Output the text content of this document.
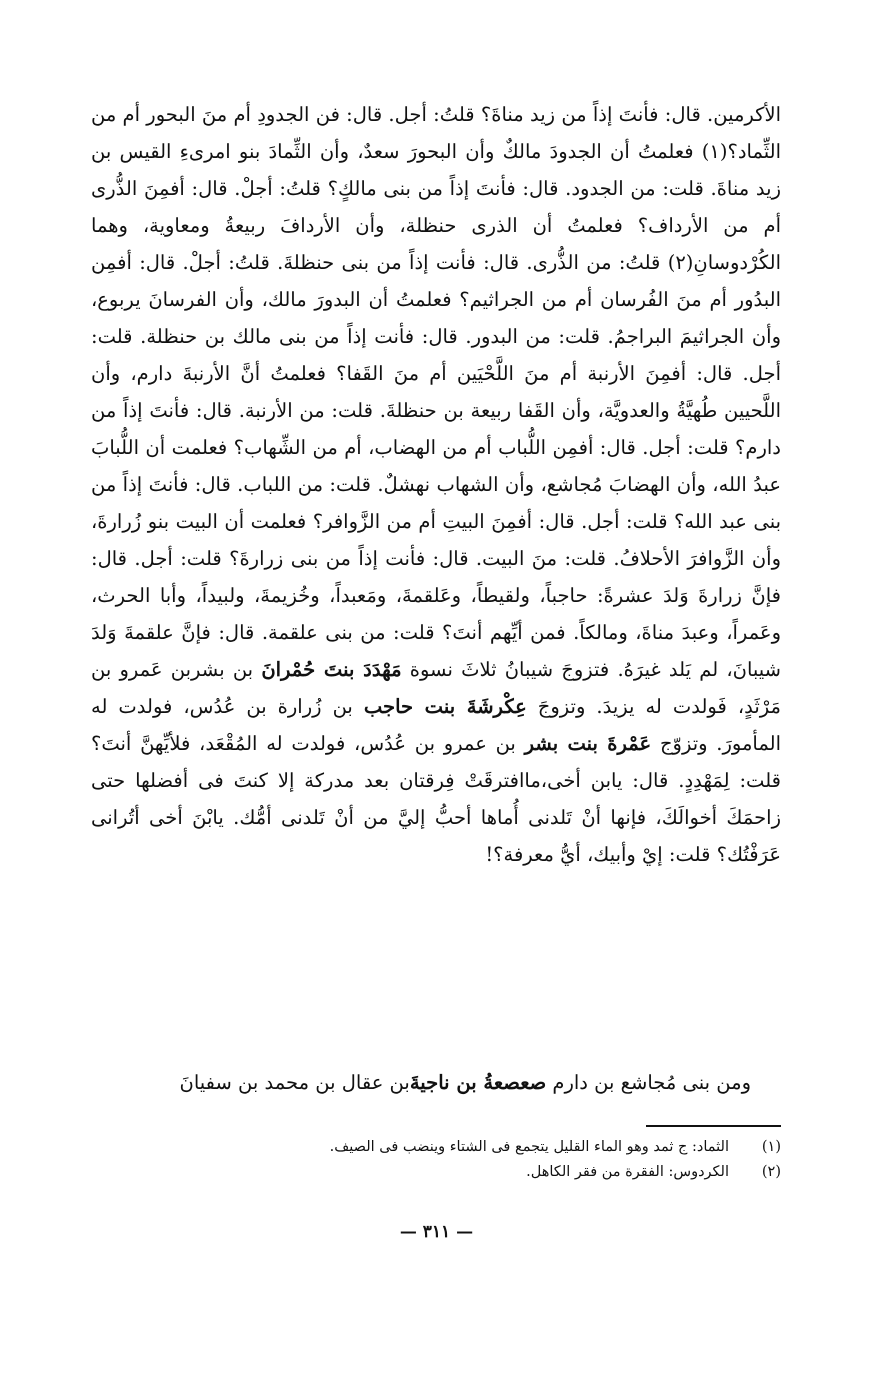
الأكرمين. قال: فأنتَ إذاً من زيد مناةَ؟ قلتُ: أجل. قال: فن الجدودِ أم منَ البحور أم من الثِّماد؟(١) فعلمتُ أن الجدودَ مالكٌ وأن البحورَ سعدٌ، وأن الثِّمادَ بنو امرىءِ القيس بن زيد مناةَ. قلت: من الجدود. قال: فأنتَ إذاً من بنى مالكٍ؟ قلتُ: أجلْ. قال: أفمِنَ الذُّرى أم من الأرداف؟ فعلمتُ أن الذرى حنظلة، وأن الأردافَ ربيعةُ ومعاوية، وهما الكُرْدوسانِ(٢) قلتُ: من الذُّرى. قال: فأنت إذاً من بنى حنظلةَ. قلتُ: أجلْ. قال: أفمِن البدُور أم منَ الفُرسان أم من الجراثيم؟ فعلمتُ أن البدورَ مالك، وأن الفرسانَ يربوع، وأن الجراثيمَ البراجمُ. قلت: من البدور. قال: فأنت إذاً من بنى مالك بن حنظلة. قلت: أجل. قال: أفمِنَ الأرنبة أم منَ اللَّحْيَين أم منَ القَفا؟ فعلمتُ أنَّ الأرنبةَ دارم، وأن اللَّحيين طُهيَّةُ والعدويَّة، وأن القَفا ربيعة بن حنظلةَ. قلت: من الأرنبة. قال: فأنتَ إذاً من دارم؟ قلت: أجل. قال: أفمِن اللُّباب أم من الهضاب، أم من الشِّهاب؟ فعلمت أن اللُّبابَ عبدُ الله، وأن الهضابَ مُجاشع، وأن الشهاب نهشلٌ. قلت: من اللباب. قال: فأنتَ إذاً من بنى عبد الله؟ قلت: أجل. قال: أفمِنَ البيتِ أم من الزَّوافر؟ فعلمت أن البيت بنو زُرارةَ، وأن الزَّوافرَ الأحلافُ. قلت: منَ البيت. قال: فأنت إذاً من بنى زرارةَ؟ قلت: أجل. قال: فإنَّ زرارةَ وَلدَ عشرةً: حاجباً، ولقيطاً، وعَلقمةَ، ومَعبداً، وخُزيمةَ، ولبيداً، وأبا الحرث، وعَمراً، وعبدَ مناةَ، ومالكاً. فمن أيِّهم أنتَ؟ قلت: من بنى علقمة. قال: فإنَّ علقمةَ وَلدَ شيبانَ، لم يَلد غيرَهُ. فتزوجَ شيبانُ ثلاثَ نسوة مَهْدَدَ بنتَ حُمْرانَ بن بشربن عَمرو بن مَرْثَدٍ، فَولدت له يزيدَ. وتزوجَ عِكْرشَةَ بنت حاجب بن زُرارة بن عُدُس، فولدت له المأمورَ. وتزوّج عَمْرةَ بنت بشر بن عمرو بن عُدُس، فولدت له المُقْعَد، فلأيِّهنَّ أنتَ؟ قلت: لِمَهْدِدٍ. قال: يابن أخى،ماافترقَتْ فِرقتان بعد مدركة إلا كنتَ فى أفضلها حتى زاحمَكَ أخوالَكَ، فإنها أنْ تَلدنى أُماها أحبُّ إليَّ من أنْ تَلدنى أمُّك. يابْنَ أخى أتُرانى عَرَفْتُك؟ قلت: إيْ وأبيك، أيُّ معرفة؟!

ومن بنى مُجاشع بن دارم صعصعةُ بن ناجيةَبن عقال بن محمد بن سفيانَ
(١)الثماد: ج ثمد وهو الماء القليل يتجمع فى الشتاء وينضب فى الصيف.
(٢)الكردوس: الفقرة من فقر الكاهل.
— ٣١١ —
